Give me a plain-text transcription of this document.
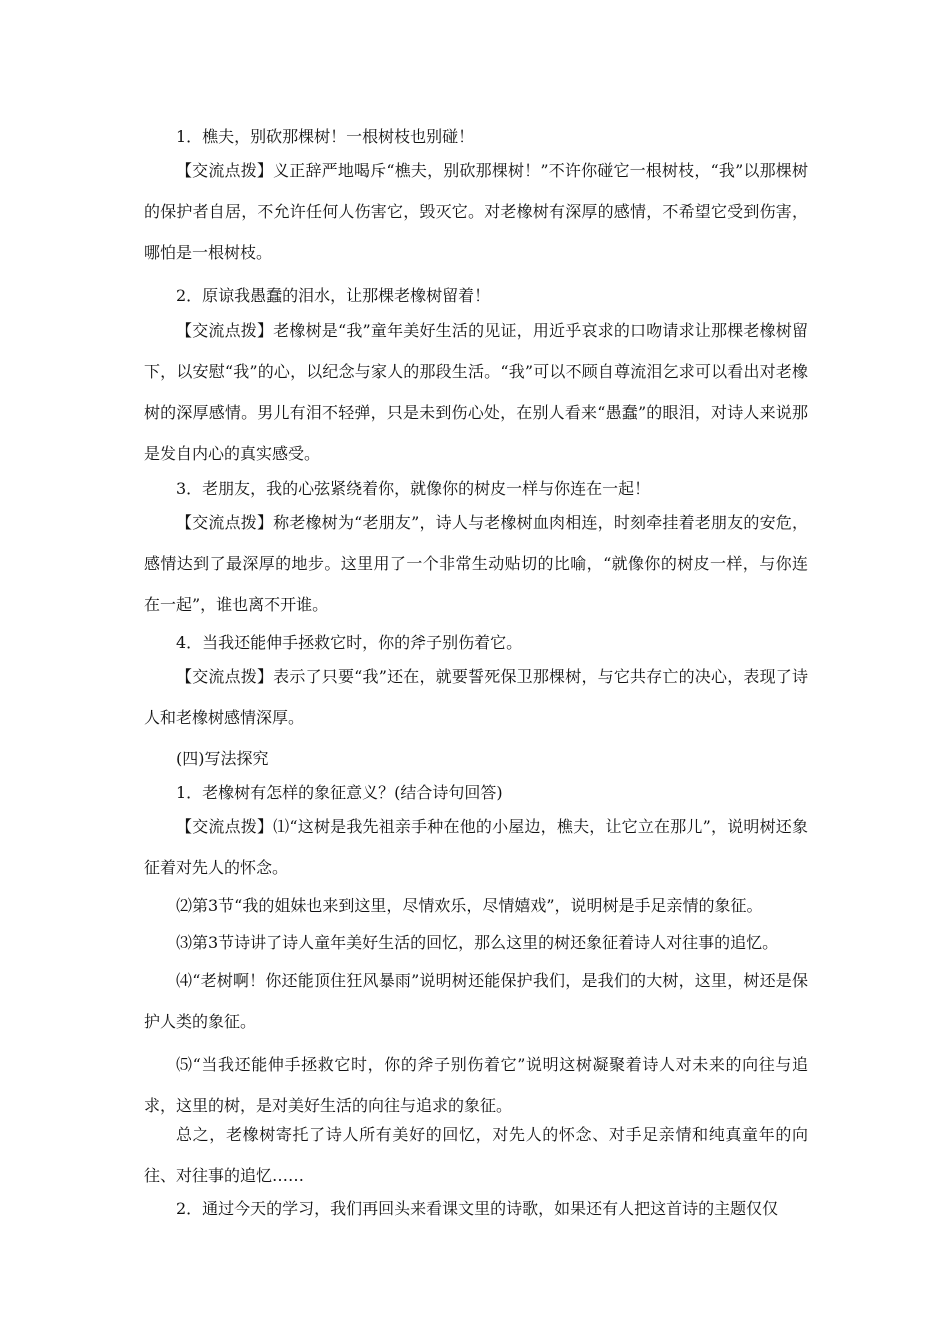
1．樵夫，别砍那棵树！一根树枝也别碰！

【交流点拨】义正辞严地喝斥“樵夫，别砍那棵树！”不许你碰它一根树枝，“我”以那棵树的保护者自居，不允许任何人伤害它，毁灭它。对老橡树有深厚的感情，不希望它受到伤害，哪怕是一根树枝。

2．原谅我愚蠢的泪水，让那棵老橡树留着！

【交流点拨】老橡树是“我”童年美好生活的见证，用近乎哀求的口吻请求让那棵老橡树留下，以安慰“我”的心，以纪念与家人的那段生活。“我”可以不顾自尊流泪乞求可以看出对老橡树的深厚感情。男儿有泪不轻弹，只是未到伤心处，在别人看来“愚蠢”的眼泪，对诗人来说那是发自内心的真实感受。

3．老朋友，我的心弦紧绕着你，就像你的树皮一样与你连在一起！

【交流点拨】称老橡树为“老朋友”，诗人与老橡树血肉相连，时刻牵挂着老朋友的安危，感情达到了最深厚的地步。这里用了一个非常生动贴切的比喻，“就像你的树皮一样，与你连在一起”，谁也离不开谁。

4．当我还能伸手拯救它时，你的斧子别伤着它。

【交流点拨】表示了只要“我”还在，就要誓死保卫那棵树，与它共存亡的决心，表现了诗人和老橡树感情深厚。

(四)写法探究

1．老橡树有怎样的象征意义？(结合诗句回答)

【交流点拨】⑴“这树是我先祖亲手种在他的小屋边，樵夫，让它立在那儿”，说明树还象征着对先人的怀念。

⑵第3节“我的姐妹也来到这里，尽情欢乐，尽情嬉戏”，说明树是手足亲情的象征。

⑶第3节诗讲了诗人童年美好生活的回忆，那么这里的树还象征着诗人对往事的追忆。

⑷“老树啊！你还能顶住狂风暴雨”说明树还能保护我们，是我们的大树，这里，树还是保护人类的象征。

⑸“当我还能伸手拯救它时，你的斧子别伤着它”说明这树凝聚着诗人对未来的向往与追求，这里的树，是对美好生活的向往与追求的象征。

总之，老橡树寄托了诗人所有美好的回忆，对先人的怀念、对手足亲情和纯真童年的向往、对往事的追忆……

2．通过今天的学习，我们再回头来看课文里的诗歌，如果还有人把这首诗的主题仅仅
